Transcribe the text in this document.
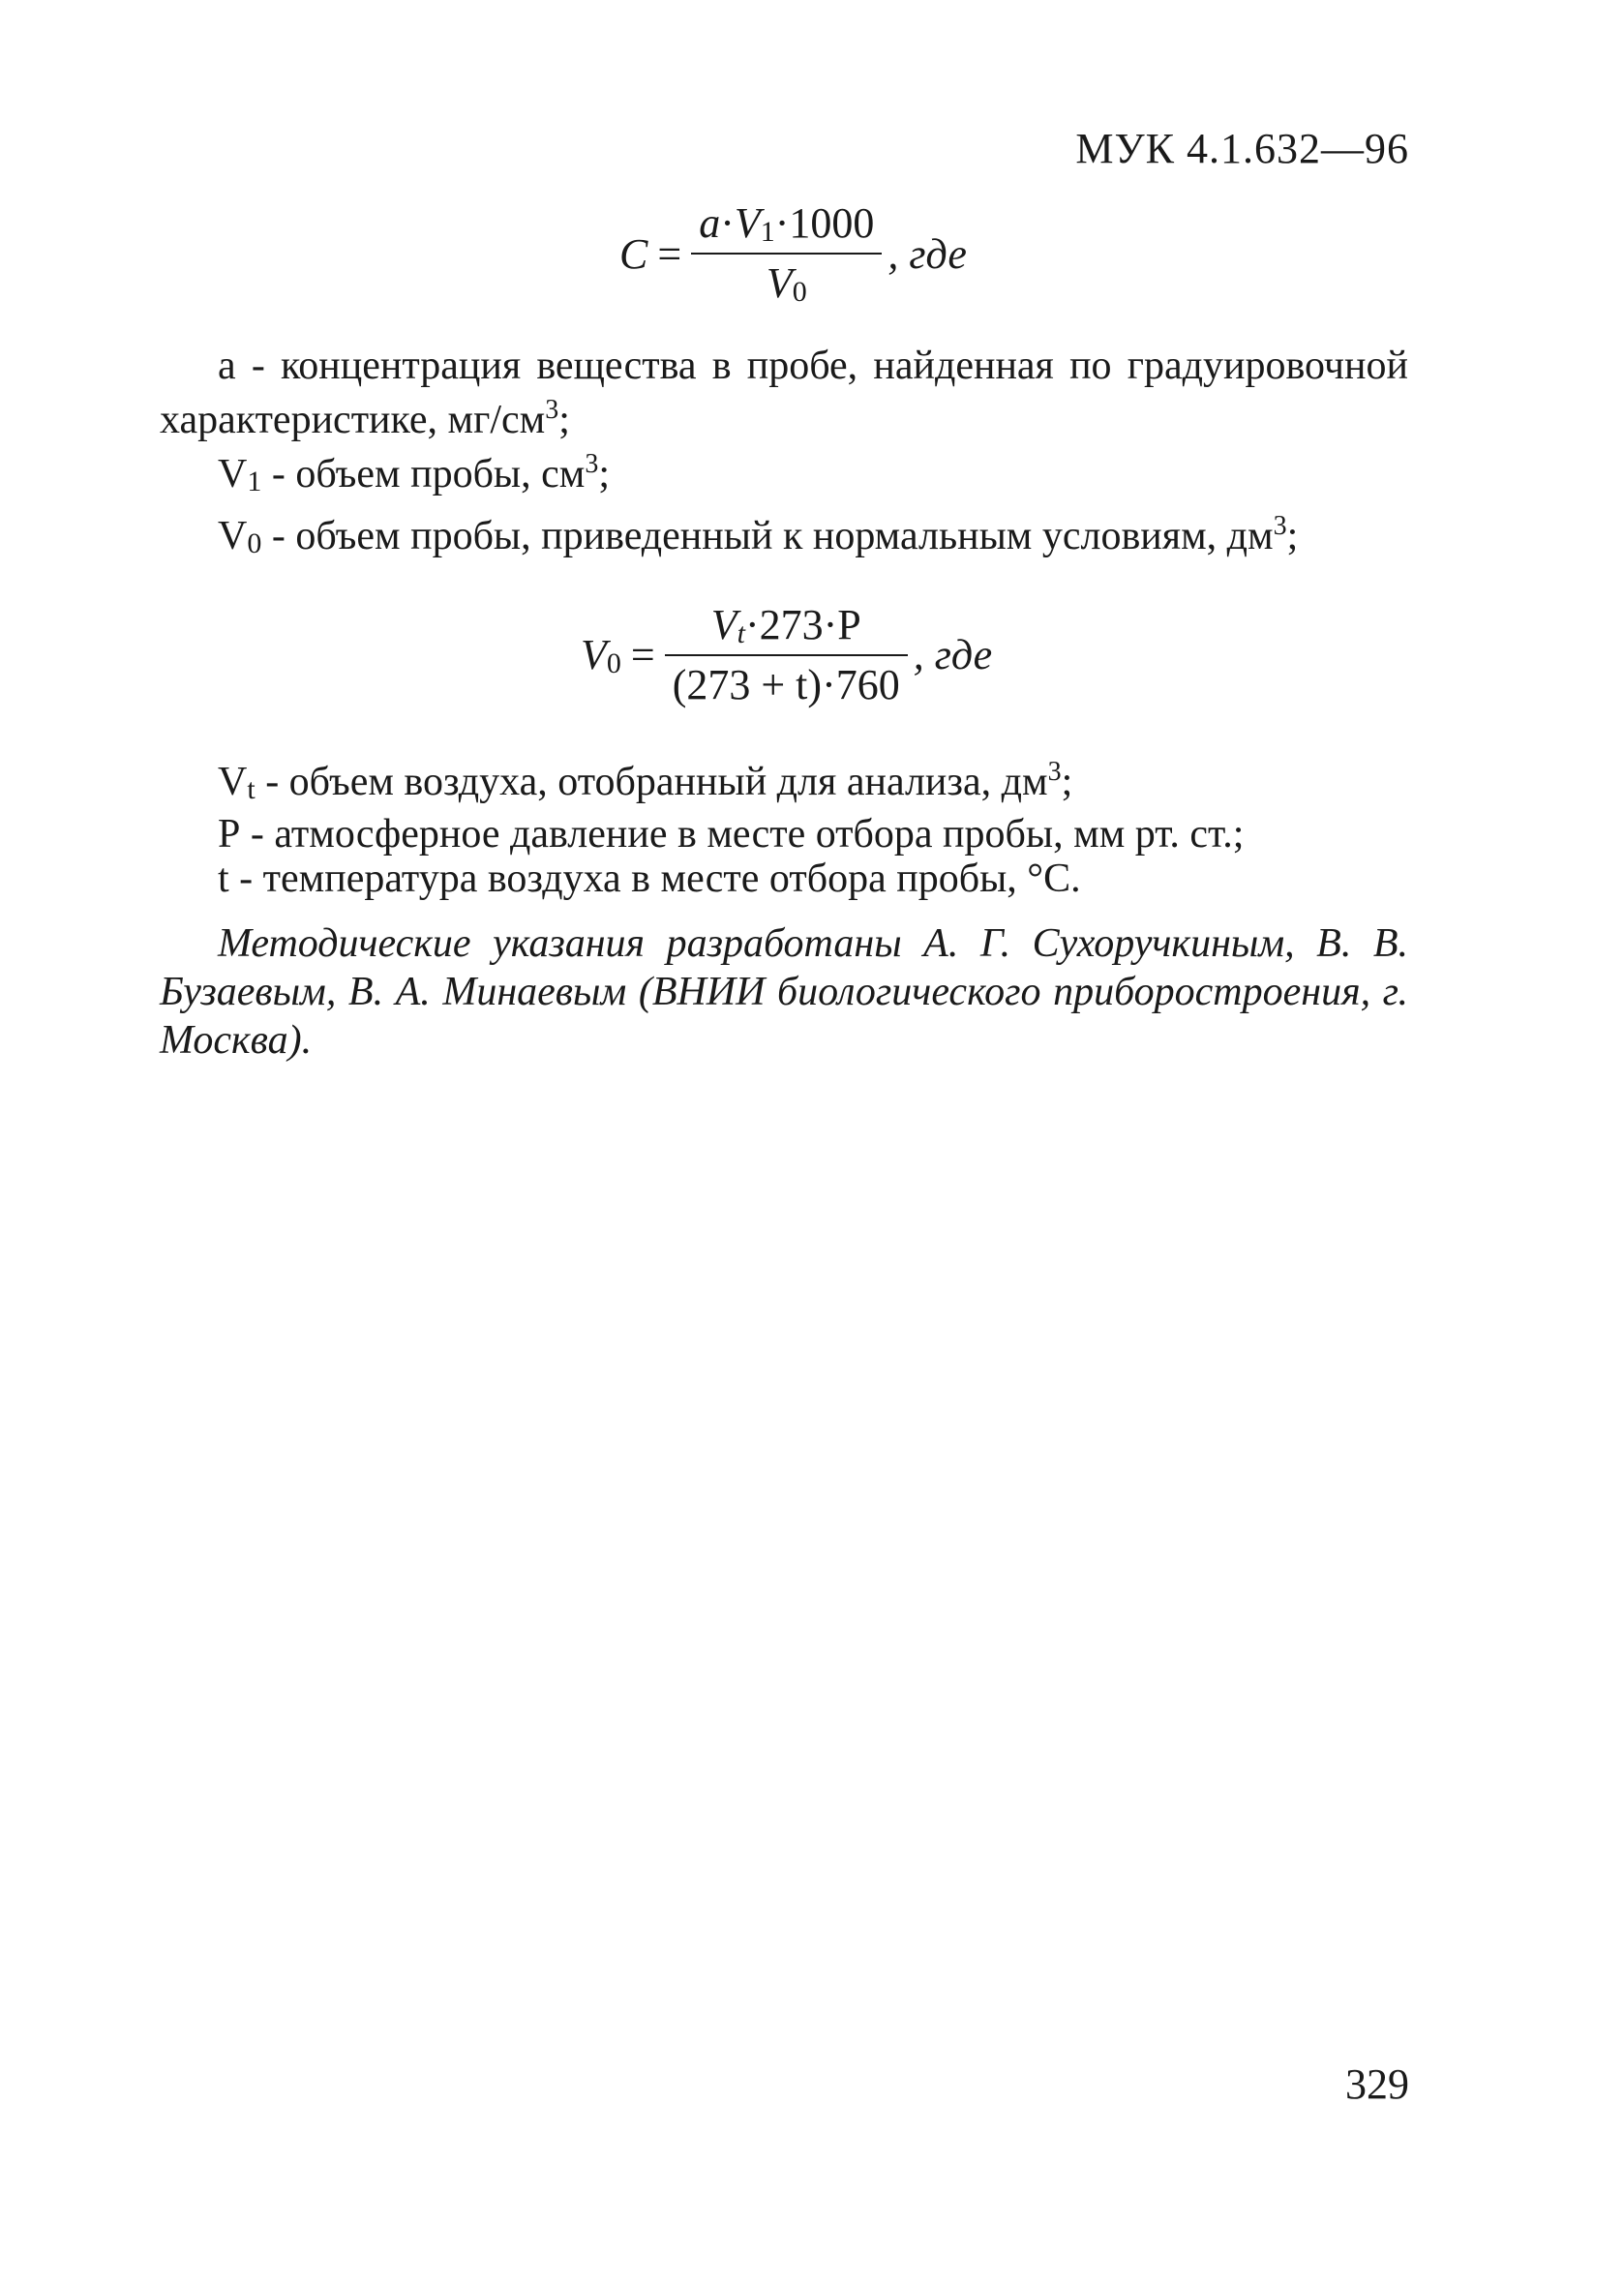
МУК 4.1.632—96
$C = \frac{a\cdot V_1\cdot 1000}{V_0}$ , где

а - концентрация вещества в пробе, найденная по градуировочной характеристике, $мг/см^3$;

$V_1$ - объем пробы, $см^3$;

$V_0$ - объем пробы, приведенный к нормальным условиям, $дм^3$;

$V_0 = \frac{V_t\cdot 273\cdot P}{(273 + t)\cdot 760}$ , где

$V_t$ - объем воздуха, отобранный для анализа, $дм^3$;

Р - атмосферное давление в месте отбора пробы, мм рт. ст.;

t - температура воздуха в месте отбора пробы, °С.

Методические указания разработаны А. Г. Сухоручкиным, В. В. Бузаевым, В. А. Минаевым (ВНИИ биологического приборостроения, г. Москва).
329
